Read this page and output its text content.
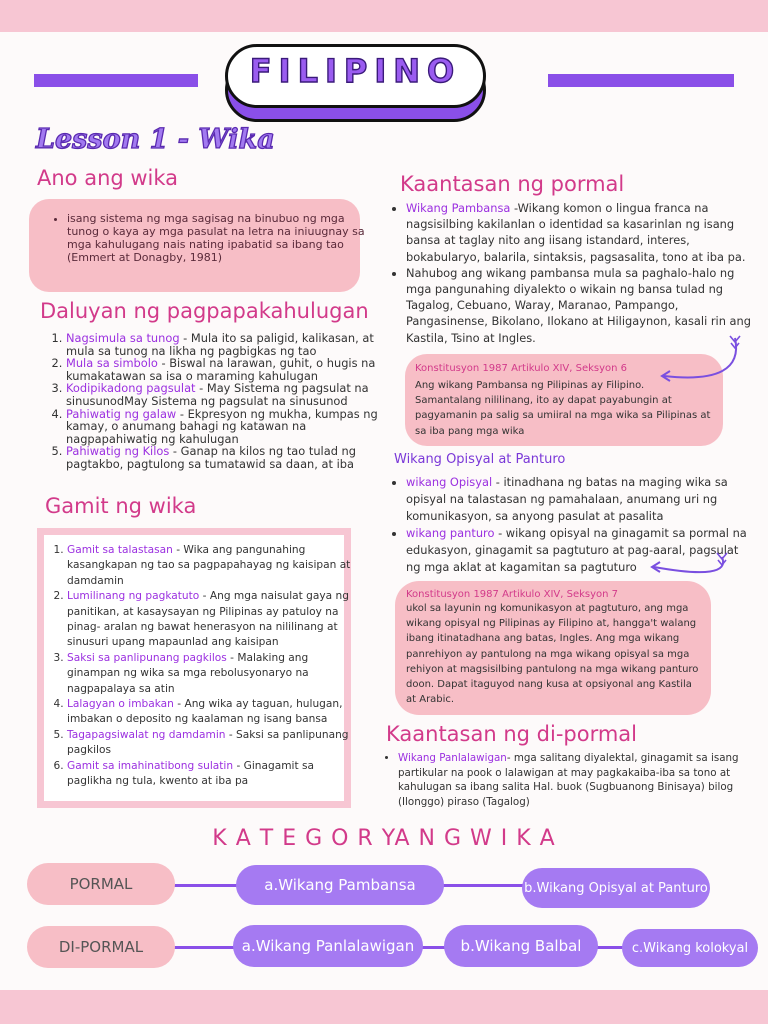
FILIPINO
Lesson 1 - Wika
Ano ang wika
• isang sistema ng mga sagisag na binubuo ng mga tunog o kaya ay mga pasulat na letra na iniuugnay sa mga kahulugang nais nating ipabatid sa ibang tao (Emmert at Donagby, 1981)
Daluyan ng pagpapakahulugan
1. Nagsimula sa tunog - Mula ito sa paligid, kalikasan, at mula sa tunog na likha ng pagbigkas ng tao
2. Mula sa simbolo - Biswal na larawan, guhit, o hugis na kumakatawan sa isa o maraming kahulugan
3. Kodipikadong pagsulat - May Sistema ng pagsulat na sinusunodMay Sistema ng pagsulat na sinusunod
4. Pahiwatig ng galaw - Ekpresyon ng mukha, kumpas ng kamay, o anumang bahagi ng katawan na nagpapahiwatig ng kahulugan
5. Pahiwatig ng Kilos - Ganap na kilos ng tao tulad ng pagtakbo, pagtulong sa tumatawid sa daan, at iba
Gamit ng wika
1. Gamit sa talastasan - Wika ang pangunahing kasangkapan ng tao sa pagpapahayag ng kaisipan at damdamin
2. Lumilinang ng pagkatuto - Ang mga naisulat gaya ng panitikan, at kasaysayan ng Pilipinas ay patuloy na pinag- aralan ng bawat henerasyon na nililinang at sinusuri upang mapaunlad ang kaisipan
3. Saksi sa panlipunang pagkilos - Malaking ang ginampan ng wika sa mga rebolusyonaryo na nagpapalaya sa atin
4. Lalagyan o imbakan - Ang wika ay taguan, hulugan, imbakan o deposito ng kaalaman ng isang bansa
5. Tagapagsiwalat ng damdamin - Saksi sa panlipunang pagkilos
6. Gamit sa imahinatibong sulatin - Ginagamit sa paglikha ng tula, kwento at iba pa
Kaantasan ng pormal
• Wikang Pambansa -Wikang komon o lingua franca na nagsisilbing kakilanlan o identidad sa kasarinlan ng isang bansa at taglay nito ang iisang istandard, interes, bokabularyo, balarila, sintaksis, pagsasalita, tono at iba pa.
• Nahubog ang wikang pambansa mula sa paghalo-halo ng mga pangunahing diyalekto o wikain ng bansa tulad ng Tagalog, Cebuano, Waray, Maranao, Pampango, Pangasinense, Bikolano, Ilokano at Hiligaynon, kasali rin ang Kastila, Tsino at Ingles.
Konstitusyon 1987 Artikulo XIV, Seksyon 6
Ang wikang Pambansa ng Pilipinas ay Filipino. Samantalang nililinang, ito ay dapat payabungin at pagyamanin pa salig sa umiiral na mga wika sa Pilipinas at sa iba pang mga wika
Wikang Opisyal at Panturo
• wikang Opisyal - itinadhana ng batas na maging wika sa opisyal na talastasan ng pamahalaan, anumang uri ng komunikasyon, sa anyong pasulat at pasalita
• wikang panturo - wikang opisyal na ginagamit sa pormal na edukasyon, ginagamit sa pagtuturo at pag-aaral, pagsulat ng mga aklat at kagamitan sa pagtuturo
Konstitusyon 1987 Artikulo XIV, Seksyon 7
ukol sa layunin ng komunikasyon at pagtuturo, ang mga wikang opisyal ng Pilipinas ay Filipino at, hangga't walang ibang itinatadhana ang batas, Ingles. Ang mga wikang panrehiyon ay pantulong na mga wikang opisyal sa mga rehiyon at magsisilbing pantulong na mga wikang panturo doon. Dapat itaguyod nang kusa at opsiyonal ang Kastila at Arabic.
Kaantasan ng di-pormal
• Wikang Panlalawigan- mga salitang diyalektal, ginagamit sa isang partikular na pook o lalawigan at may pagkakaiba-iba sa tono at kahulugan sa ibang salita Hal. buok (Sugbuanong Binisaya) bilog (Ilonggo) piraso (Tagalog)
K A T E G O R YA N G W I K A
PORMAL	a.Wikang Pambansa	b.Wikang Opisyal at Panturo
DI-PORMAL	a.Wikang Panlalawigan	b.Wikang Balbal	c.Wikang kolokyal
